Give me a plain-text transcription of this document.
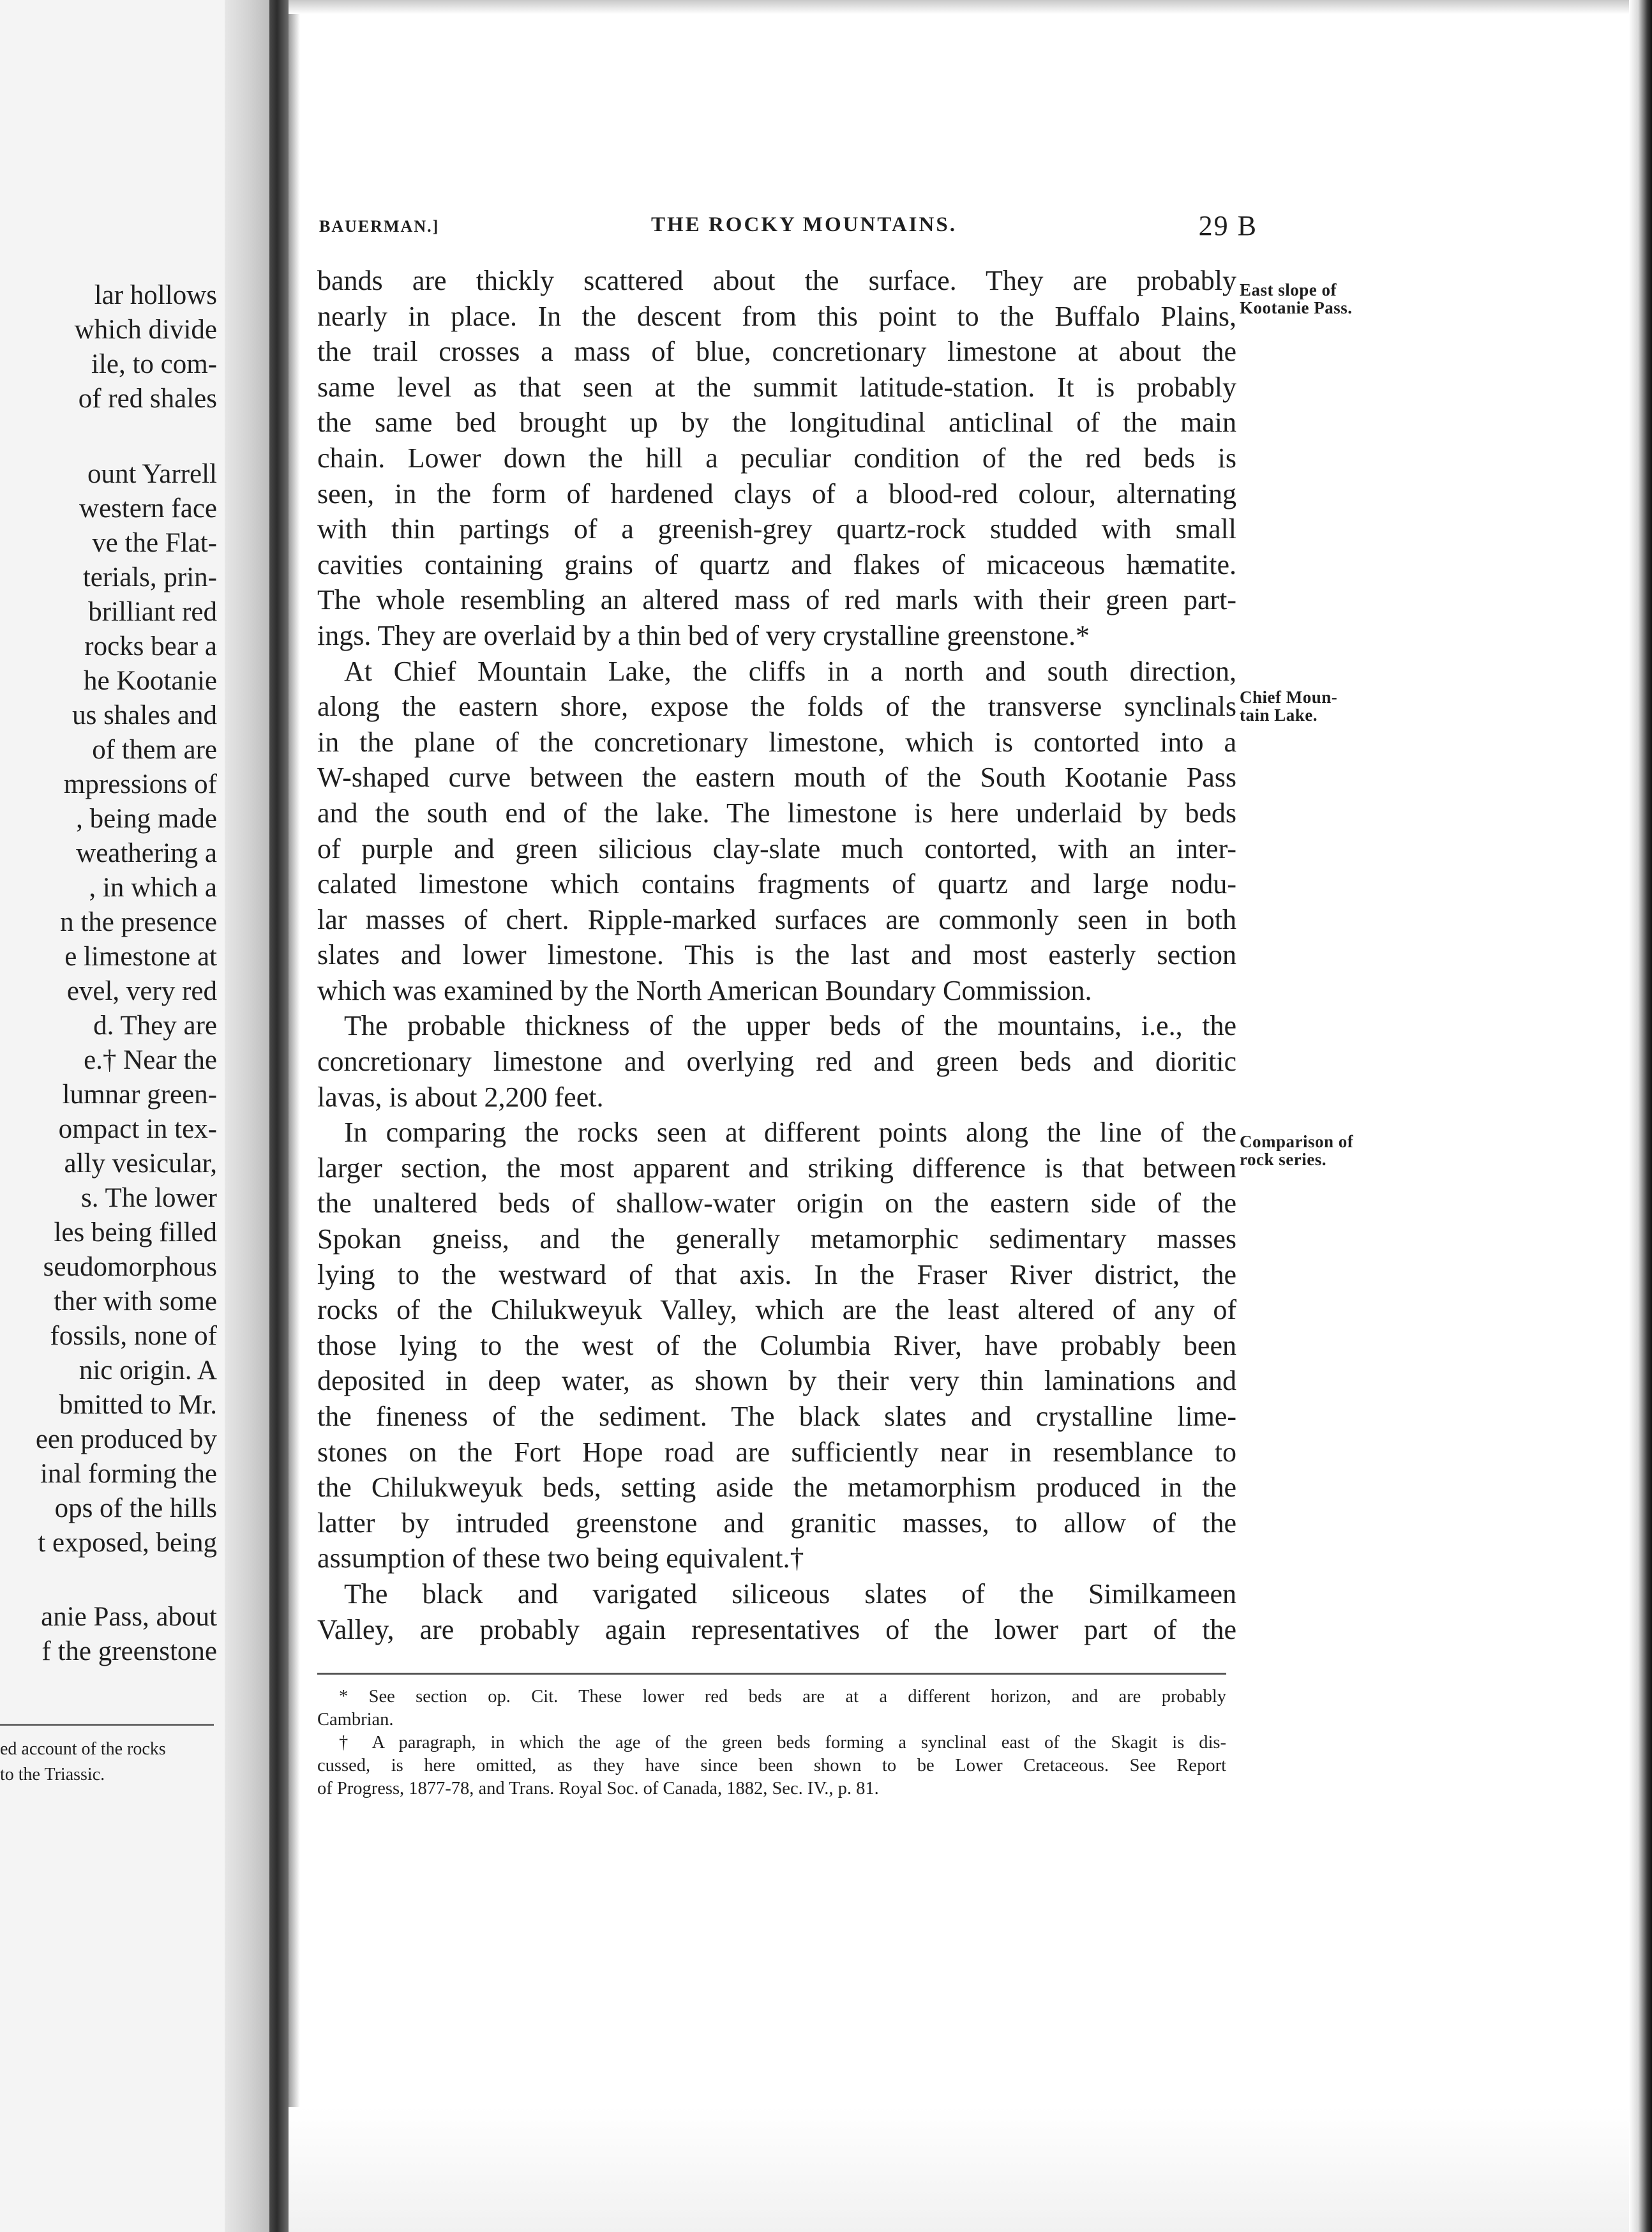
lar hollows
which divide
ile, to com-
of red shales
ount Yarrell
western face
ve the Flat-
terials, prin-
brilliant red
rocks bear a
he Kootanie
us shales and
of them are
mpressions of
, being made
weathering a
, in which a
n the presence
e limestone at
evel, very red
d. They are
e.† Near the
lumnar green-
ompact in tex-
ally vesicular,
s. The lower
les being filled
seudomorphous
ther with some
fossils, none of
nic origin. A
bmitted to Mr.
een produced by
inal forming the
ops of the hills
t exposed, being
anie Pass, about
f the greenstone
ed account of the rocks
to the Triassic.
BAUERMAN.]	THE ROCKY MOUNTAINS.	29 B
East slope of
Kootanie Pass.
Chief Moun-
tain Lake.
Comparison of
rock series.
bands are thickly scattered about the surface. They are probably
nearly in place. In the descent from this point to the Buffalo Plains,
the trail crosses a mass of blue, concretionary limestone at about the
same level as that seen at the summit latitude-station. It is probably
the same bed brought up by the longitudinal anticlinal of the main
chain. Lower down the hill a peculiar condition of the red beds is
seen, in the form of hardened clays of a blood-red colour, alternating
with thin partings of a greenish-grey quartz-rock studded with small
cavities containing grains of quartz and flakes of micaceous hæmatite.
The whole resembling an altered mass of red marls with their green part-
ings. They are overlaid by a thin bed of very crystalline greenstone.*
At Chief Mountain Lake, the cliffs in a north and south direction,
along the eastern shore, expose the folds of the transverse synclinals
in the plane of the concretionary limestone, which is contorted into a
W-shaped curve between the eastern mouth of the South Kootanie Pass
and the south end of the lake. The limestone is here underlaid by beds
of purple and green silicious clay-slate much contorted, with an inter-
calated limestone which contains fragments of quartz and large nodu-
lar masses of chert. Ripple-marked surfaces are commonly seen in both
slates and lower limestone. This is the last and most easterly section
which was examined by the North American Boundary Commission.
The probable thickness of the upper beds of the mountains, i.e., the
concretionary limestone and overlying red and green beds and dioritic
lavas, is about 2,200 feet.
In comparing the rocks seen at different points along the line of the
larger section, the most apparent and striking difference is that between
the unaltered beds of shallow-water origin on the eastern side of the
Spokan gneiss, and the generally metamorphic sedimentary masses
lying to the westward of that axis. In the Fraser River district, the
rocks of the Chilukweyuk Valley, which are the least altered of any of
those lying to the west of the Columbia River, have probably been
deposited in deep water, as shown by their very thin laminations and
the fineness of the sediment. The black slates and crystalline lime-
stones on the Fort Hope road are sufficiently near in resemblance to
the Chilukweyuk beds, setting aside the metamorphism produced in the
latter by intruded greenstone and granitic masses, to allow of the
assumption of these two being equivalent.†
The black and varigated siliceous slates of the Similkameen
Valley, are probably again representatives of the lower part of the
* See section op. Cit. These lower red beds are at a different horizon, and are probably
Cambrian.
† A paragraph, in which the age of the green beds forming a synclinal east of the Skagit is dis-
cussed, is here omitted, as they have since been shown to be Lower Cretaceous. See Report
of Progress, 1877-78, and Trans. Royal Soc. of Canada, 1882, Sec. IV., p. 81.
